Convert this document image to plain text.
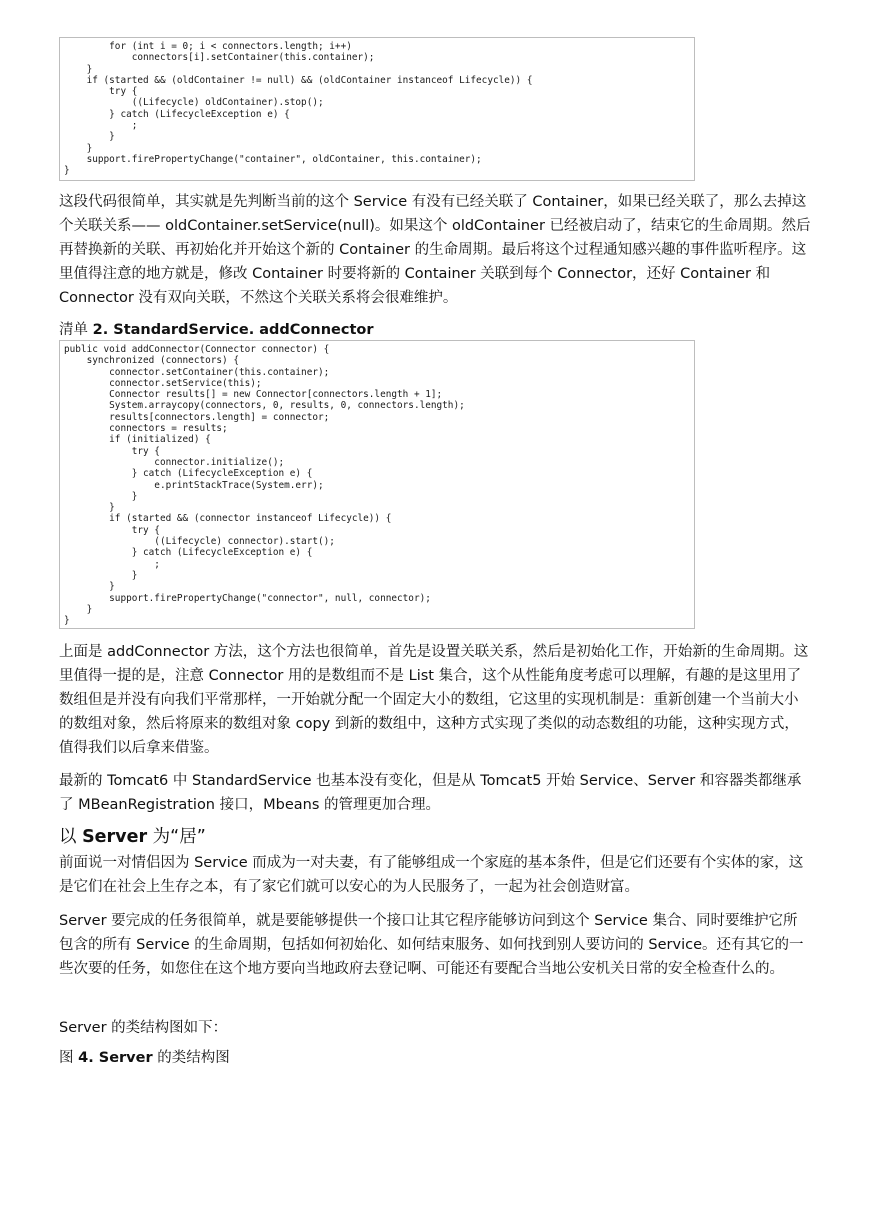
for (int i = 0; i < connectors.length; i++)
connectors[i].setContainer(this.container);
}
if (started && (oldContainer != null) && (oldContainer instanceof Lifecycle)) {
try {
((Lifecycle) oldContainer).stop();
} catch (LifecycleException e) {
;
}
}
support.firePropertyChange("container", oldContainer, this.container);
}

这段代码很简单，其实就是先判断当前的这个 Service 有没有已经关联了 Container，如果已经关联了，那么去掉这个关联关系—— oldContainer.setService(null)。如果这个 oldContainer 已经被启动了，结束它的生命周期。然后再替换新的关联、再初始化并开始这个新的 Container 的生命周期。最后将这个过程通知感兴趣的事件监听程序。这里值得注意的地方就是，修改 Container 时要将新的 Container 关联到每个 Connector，还好 Container 和 Connector 没有双向关联，不然这个关联关系将会很难维护。

清单 2. StandardService. addConnector

public void addConnector(Connector connector) {
synchronized (connectors) {
connector.setContainer(this.container);
connector.setService(this);
Connector results[] = new Connector[connectors.length + 1];
System.arraycopy(connectors, 0, results, 0, connectors.length);
results[connectors.length] = connector;
connectors = results;
if (initialized) {
try {
connector.initialize();
} catch (LifecycleException e) {
e.printStackTrace(System.err);
}
}
if (started && (connector instanceof Lifecycle)) {
try {
((Lifecycle) connector).start();
} catch (LifecycleException e) {
;
}
}
support.firePropertyChange("connector", null, connector);
}
}

上面是 addConnector 方法，这个方法也很简单，首先是设置关联关系，然后是初始化工作，开始新的生命周期。这里值得一提的是，注意 Connector 用的是数组而不是 List 集合，这个从性能角度考虑可以理解，有趣的是这里用了数组但是并没有向我们平常那样，一开始就分配一个固定大小的数组，它这里的实现机制是：重新创建一个当前大小的数组对象，然后将原来的数组对象 copy 到新的数组中，这种方式实现了类似的动态数组的功能，这种实现方式，值得我们以后拿来借鉴。

最新的 Tomcat6 中 StandardService 也基本没有变化，但是从 Tomcat5 开始 Service、Server 和容器类都继承了 MBeanRegistration 接口，Mbeans 的管理更加合理。

以 Server 为“居”

前面说一对情侣因为 Service 而成为一对夫妻，有了能够组成一个家庭的基本条件，但是它们还要有个实体的家，这是它们在社会上生存之本，有了家它们就可以安心的为人民服务了，一起为社会创造财富。

Server 要完成的任务很简单，就是要能够提供一个接口让其它程序能够访问到这个 Service 集合、同时要维护它所包含的所有 Service 的生命周期，包括如何初始化、如何结束服务、如何找到别人要访问的 Service。还有其它的一些次要的任务，如您住在这个地方要向当地政府去登记啊、可能还有要配合当地公安机关日常的安全检查什么的。

Server 的类结构图如下：

图 4. Server 的类结构图
